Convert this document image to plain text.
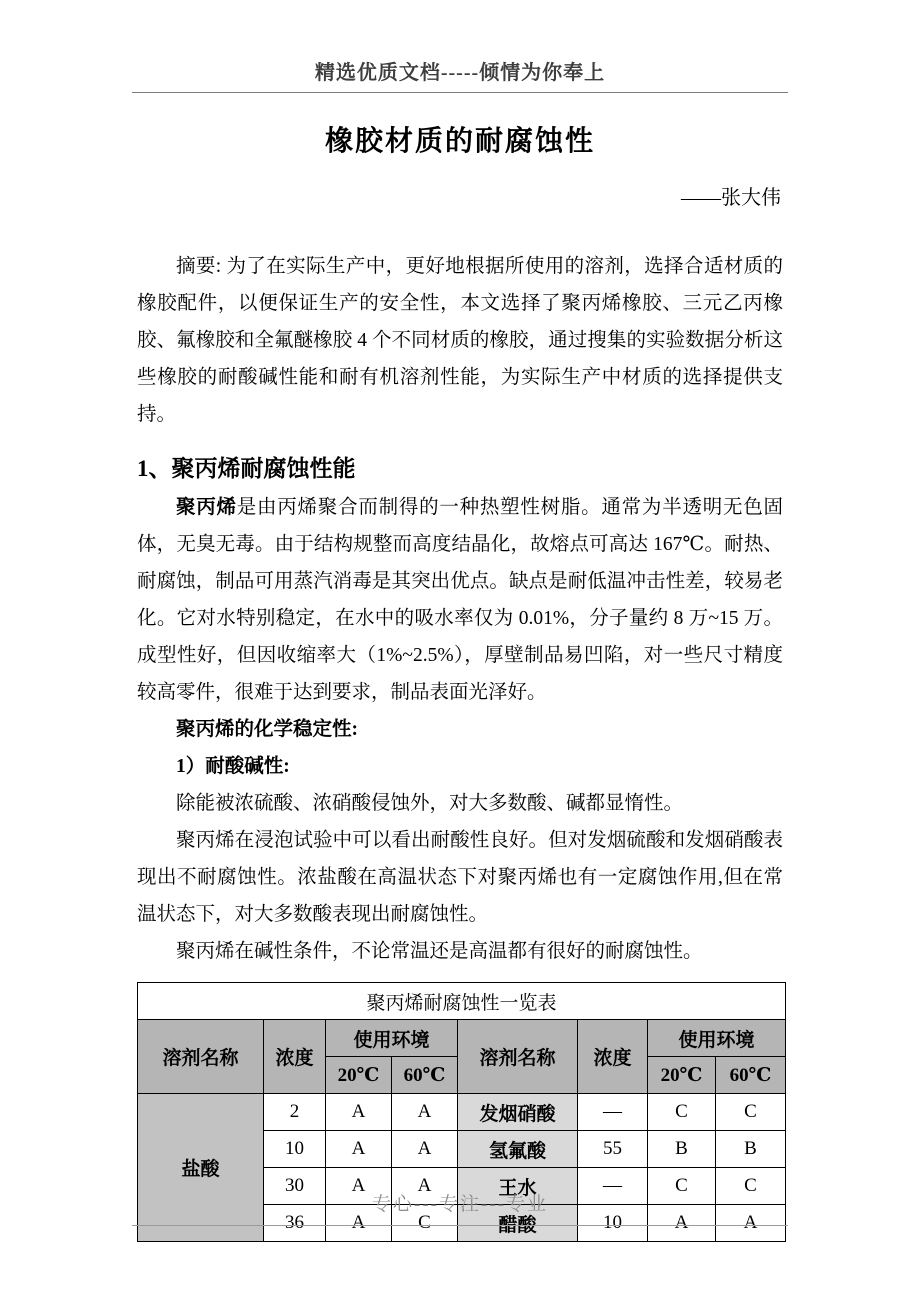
精选优质文档-----倾情为你奉上
橡胶材质的耐腐蚀性
——张大伟

摘要: 为了在实际生产中，更好地根据所使用的溶剂，选择合适材质的橡胶配件，以便保证生产的安全性，本文选择了聚丙烯橡胶、三元乙丙橡胶、氟橡胶和全氟醚橡胶 4 个不同材质的橡胶，通过搜集的实验数据分析这些橡胶的耐酸碱性能和耐有机溶剂性能，为实际生产中材质的选择提供支持。

1、聚丙烯耐腐蚀性能

聚丙烯是由丙烯聚合而制得的一种热塑性树脂。通常为半透明无色固体，无臭无毒。由于结构规整而高度结晶化，故熔点可高达 167℃。耐热、耐腐蚀，制品可用蒸汽消毒是其突出优点。缺点是耐低温冲击性差，较易老化。它对水特别稳定，在水中的吸水率仅为 0.01%，分子量约 8 万~15 万。成型性好，但因收缩率大（1%~2.5%），厚壁制品易凹陷，对一些尺寸精度较高零件，很难于达到要求，制品表面光泽好。

聚丙烯的化学稳定性:

1）耐酸碱性:

除能被浓硫酸、浓硝酸侵蚀外，对大多数酸、碱都显惰性。

聚丙烯在浸泡试验中可以看出耐酸性良好。但对发烟硫酸和发烟硝酸表现出不耐腐蚀性。浓盐酸在高温状态下对聚丙烯也有一定腐蚀作用,但在常温状态下，对大多数酸表现出耐腐蚀性。

聚丙烯在碱性条件，不论常温还是高温都有很好的耐腐蚀性。

聚丙烯耐腐蚀性一览表							
溶剂名称	浓度	使用环境		溶剂名称	浓度	使用环境	
		20℃	60℃			20℃	60℃
盐酸	2	A	A	发烟硝酸	—	C	C
	10	A	A	氢氟酸	55	B	B
	30	A	A	王水	—	C	C
	36	A	C	醋酸	10	A	A
专心---专注---专业
